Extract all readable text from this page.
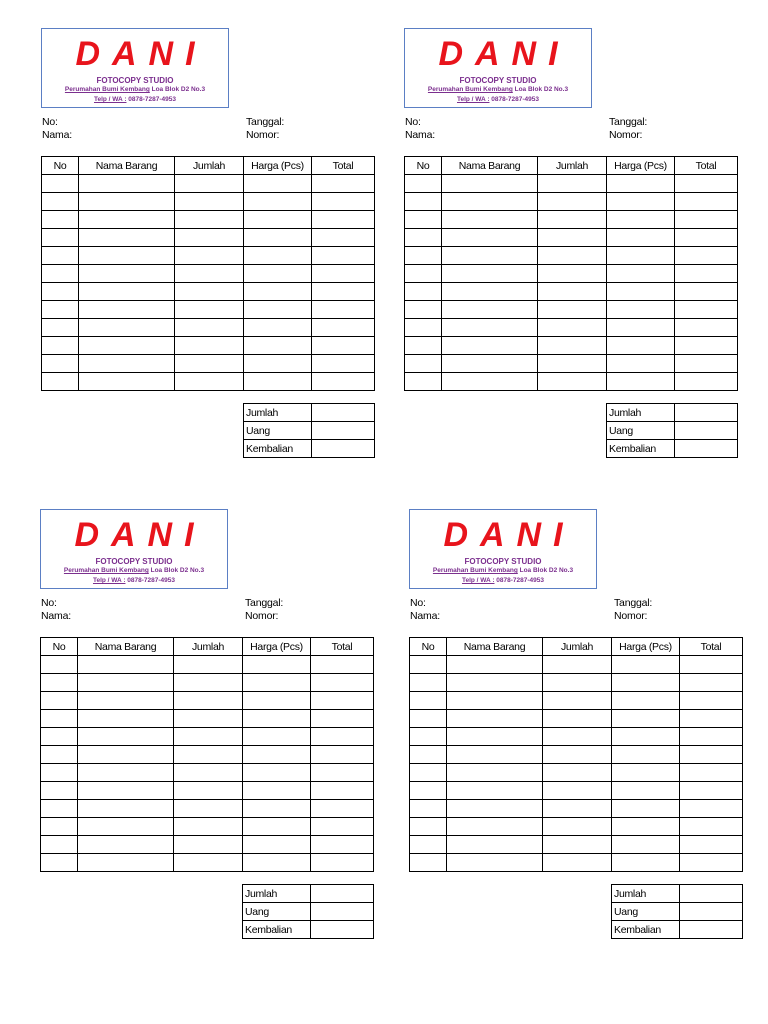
DANI
FOTOCOPY STUDIO
Perumahan Bumi Kembang Loa Blok D2 No.3
Telp / WA : 0878-7287-4953
No:
Nama:
Tanggal:
Nomor:
No	Nama Barang	Jumlah	Harga (Pcs)	Total

Jumlah	
Uang	
Kembalian	
DANI
FOTOCOPY STUDIO
Perumahan Bumi Kembang Loa Blok D2 No.3
Telp / WA : 0878-7287-4953
No:
Nama:
Tanggal:
Nomor:
No	Nama Barang	Jumlah	Harga (Pcs)	Total

Jumlah	
Uang	
Kembalian	
DANI
FOTOCOPY STUDIO
Perumahan Bumi Kembang Loa Blok D2 No.3
Telp / WA : 0878-7287-4953
No:
Nama:
Tanggal:
Nomor:
No	Nama Barang	Jumlah	Harga (Pcs)	Total

Jumlah	
Uang	
Kembalian	
DANI
FOTOCOPY STUDIO
Perumahan Bumi Kembang Loa Blok D2 No.3
Telp / WA : 0878-7287-4953
No:
Nama:
Tanggal:
Nomor:
No	Nama Barang	Jumlah	Harga (Pcs)	Total

Jumlah	
Uang	
Kembalian	
